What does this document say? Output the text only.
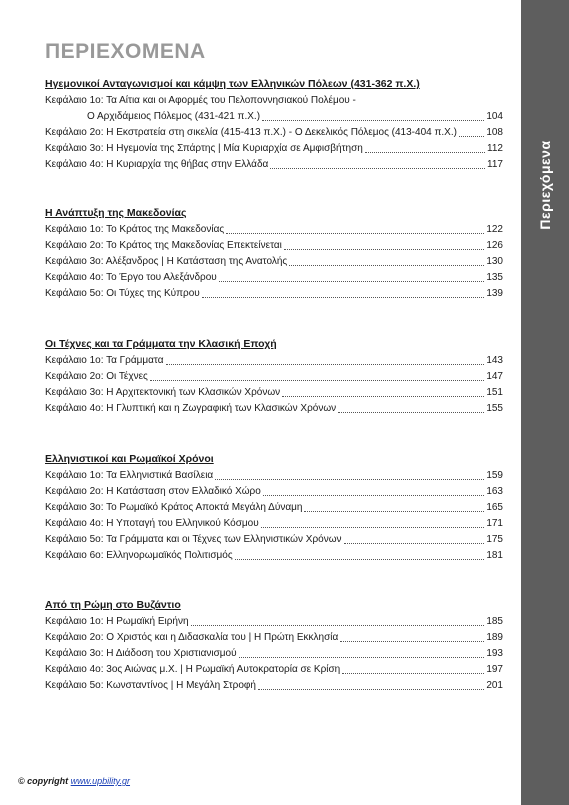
Περιεχόμενα
ΠΕΡΙΕΧΟΜΕΝΑ
Ηγεμονικοί Ανταγωνισμοί και κάμψη των Ελληνικών Πόλεων (431-362 π.Χ.)
Κεφάλαιο 1ο: Τα Αίτια και οι Αφορμές του Πελοποννησιακού Πολέμου -
Ο Αρχιδάμειος Πόλεμος (431-421 π.Χ.)	104
Κεφάλαιο 2ο: Η Εκστρατεία στη σικελία (415-413 π.Χ.) - Ο Δεκελικός Πόλεμος (413-404 π.Χ.)	108
Κεφάλαιο 3ο: Η Ηγεμονία της Σπάρτης | Μία Κυριαρχία σε Αμφισβήτηση	112
Κεφάλαιο 4ο: Η Κυριαρχία της θήβας στην Ελλάδα	117
Η Ανάπτυξη της Μακεδονίας
Κεφάλαιο 1ο: Το Κράτος της Μακεδονίας	122
Κεφάλαιο 2ο: Το Κράτος της Μακεδονίας Επεκτείνεται	126
Κεφάλαιο 3ο: Αλέξανδρος | Η Κατάσταση της Ανατολής	130
Κεφάλαιο 4ο: Το Έργο του Αλεξάνδρου	135
Κεφάλαιο 5ο: Οι Τύχες της Κύπρου	139
Οι Τέχνες και τα Γράμματα την Κλασική Εποχή
Κεφάλαιο 1ο: Τα Γράμματα	143
Κεφάλαιο 2ο: Οι Τέχνες	147
Κεφάλαιο 3ο: Η Αρχιτεκτονική των Κλασικών Χρόνων	151
Κεφάλαιο 4ο: Η Γλυπτική και η Ζωγραφική των Κλασικών Χρόνων	155
Ελληνιστικοί και Ρωμαϊκοί Χρόνοι
Κεφάλαιο 1ο: Τα Ελληνιστικά Βασίλεια	159
Κεφάλαιο 2ο: Η Κατάσταση στον Ελλαδικό Χώρο	163
Κεφάλαιο 3ο: Το Ρωμαϊκό Κράτος Αποκτά Μεγάλη Δύναμη	165
Κεφάλαιο 4ο: Η Υποταγή του Ελληνικού Κόσμου	171
Κεφάλαιο 5ο: Τα Γράμματα και οι Τέχνες των Ελληνιστικών Χρόνων	175
Κεφάλαιο 6ο: Ελληνορωμαϊκός Πολιτισμός	181
Από τη Ρώμη στο Βυζάντιο
Κεφάλαιο 1ο: Η Ρωμαϊκή Ειρήνη	185
Κεφάλαιο 2ο: Ο Χριστός και η Διδασκαλία του | Η Πρώτη Εκκλησία	189
Κεφάλαιο 3ο: Η Διάδοση του Χριστιανισμού	193
Κεφάλαιο 4ο: 3ος Αιώνας μ.Χ. | Η Ρωμαϊκή Αυτοκρατορία σε Κρίση	197
Κεφάλαιο 5ο: Κωνσταντίνος | Η Μεγάλη Στροφή	201
© copyright www.upbility.gr
